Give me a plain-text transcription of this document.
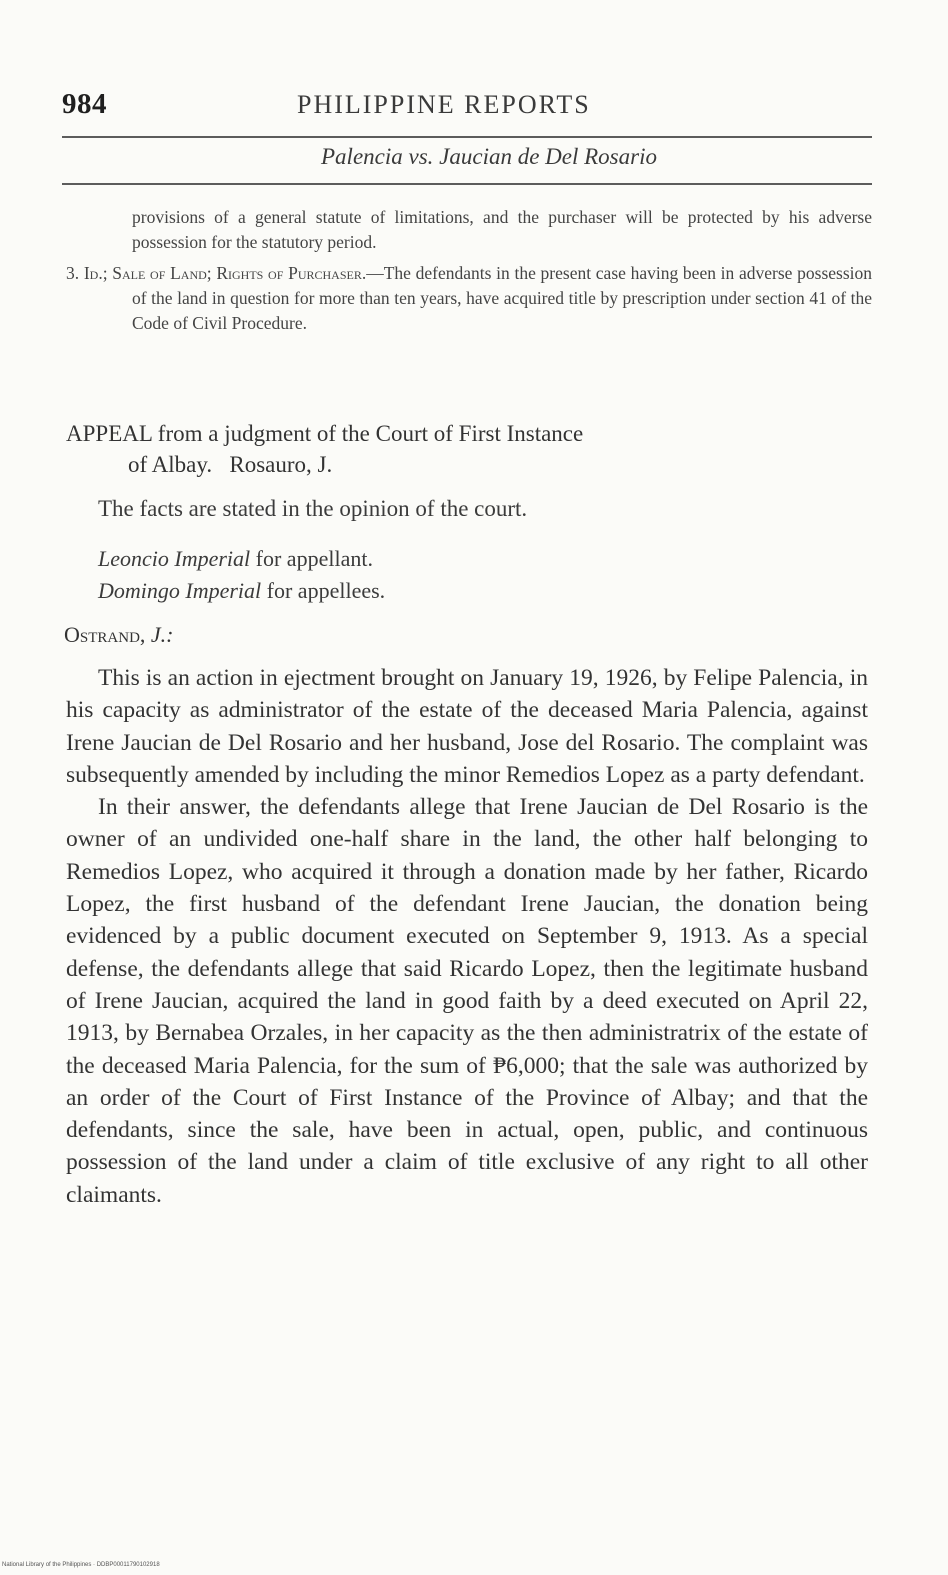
984	PHILIPPINE REPORTS
Palencia vs. Jaucian de Del Rosario

provisions of a general statute of limitations, and the purchaser will be protected by his adverse possession for the statutory period.

3. Id.; Sale of Land; Rights of Purchaser.—The defendants in the present case having been in adverse possession of the land in question for more than ten years, have acquired title by prescription under section 41 of the Code of Civil Procedure.

APPEAL from a judgment of the Court of First Instance
of Albay. Rosauro, J.
The facts are stated in the opinion of the court.
Leoncio Imperial for appellant.
Domingo Imperial for appellees.
Ostrand, J.:

This is an action in ejectment brought on January 19, 1926, by Felipe Palencia, in his capacity as administrator of the estate of the deceased Maria Palencia, against Irene Jaucian de Del Rosario and her husband, Jose del Rosario. The complaint was subsequently amended by including the minor Remedios Lopez as a party defendant.

In their answer, the defendants allege that Irene Jaucian de Del Rosario is the owner of an undivided one-half share in the land, the other half belonging to Remedios Lopez, who acquired it through a donation made by her father, Ricardo Lopez, the first husband of the defendant Irene Jaucian, the donation being evidenced by a public document executed on September 9, 1913. As a special defense, the defendants allege that said Ricardo Lopez, then the legitimate husband of Irene Jaucian, acquired the land in good faith by a deed executed on April 22, 1913, by Bernabea Orzales, in her capacity as the then administratrix of the estate of the deceased Maria Palencia, for the sum of ₱6,000; that the sale was authorized by an order of the Court of First Instance of the Province of Albay; and that the defendants, since the sale, have been in actual, open, public, and continuous possession of the land under a claim of title exclusive of any right to all other claimants.

National Library of the Philippines · DDBP00011790102918
